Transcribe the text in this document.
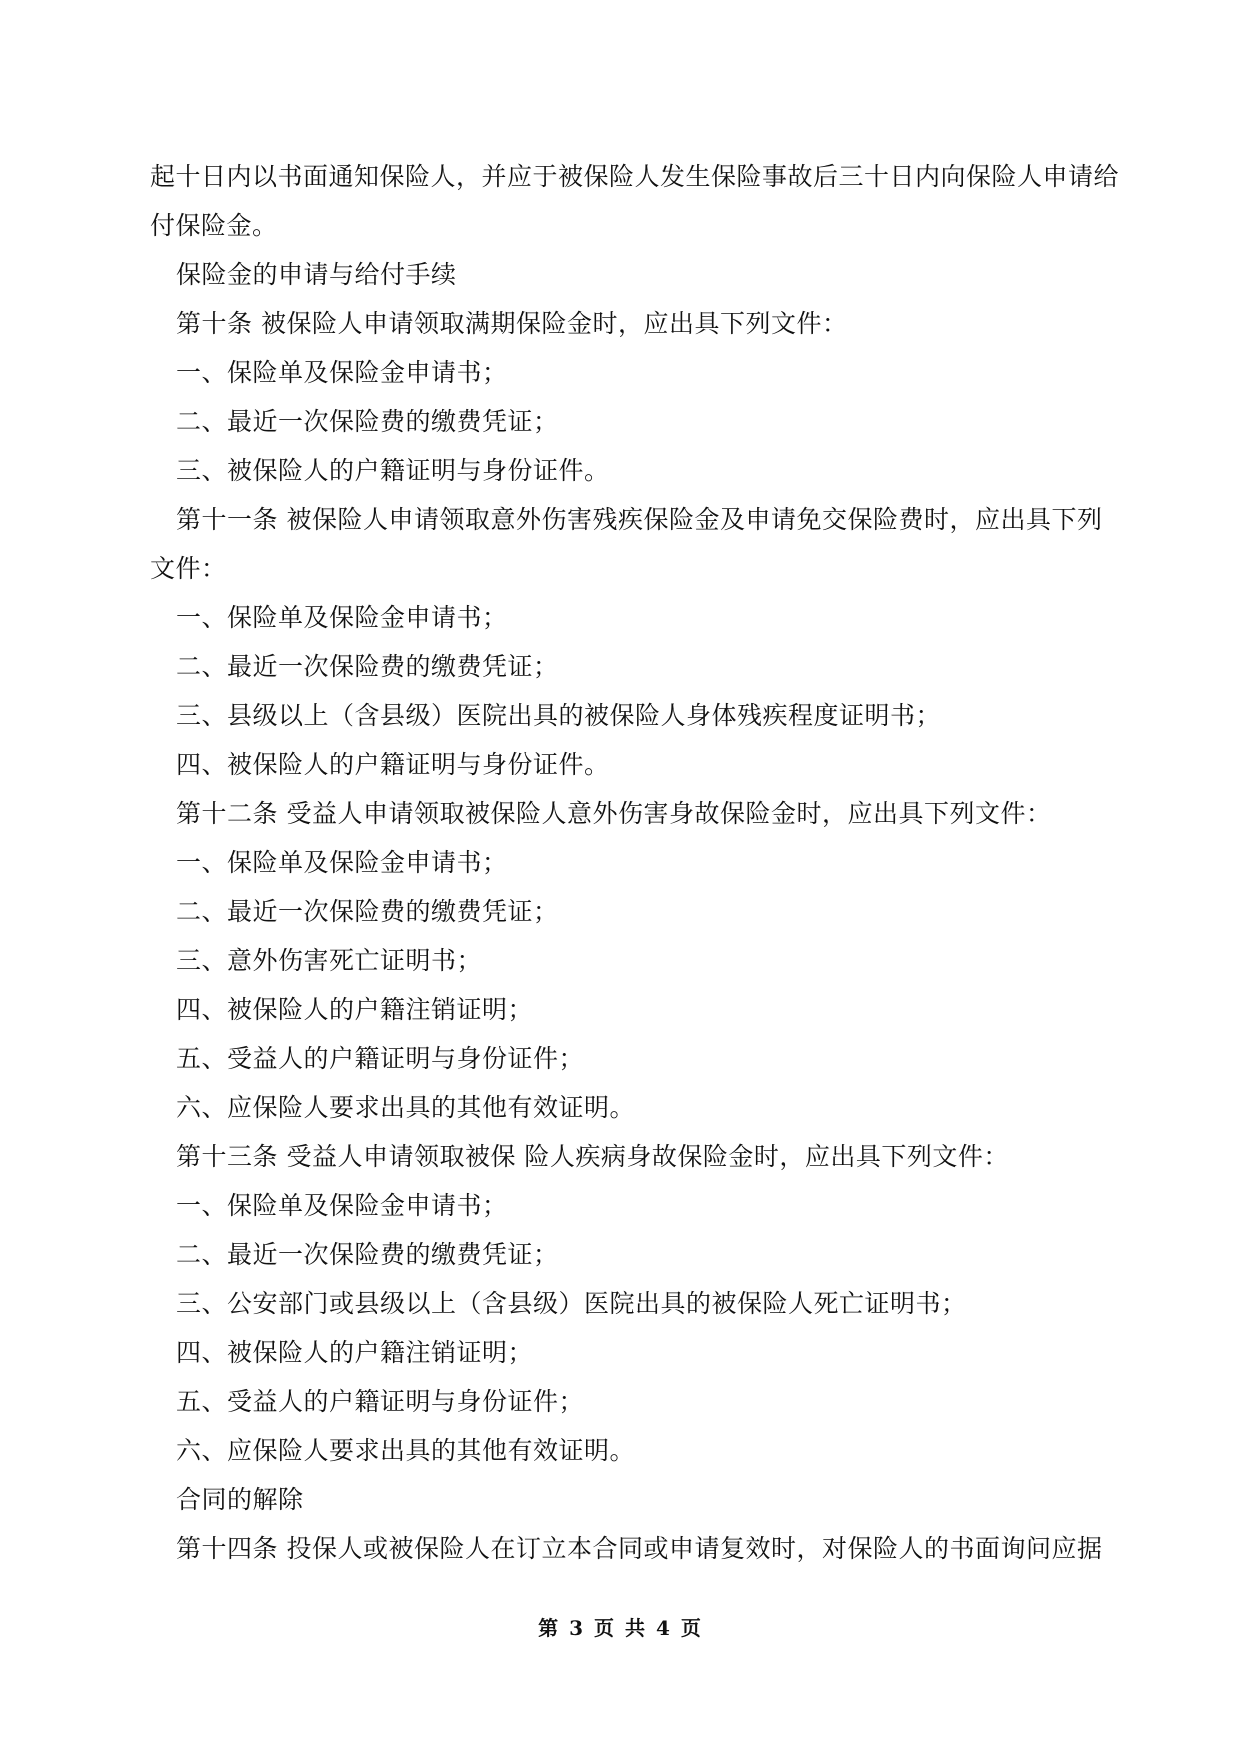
起十日内以书面通知保险人，并应于被保险人发生保险事故后三十日内向保险人申请给
付保险金。
保险金的申请与给付手续
第十条 被保险人申请领取满期保险金时，应出具下列文件：
一、保险单及保险金申请书；
二、最近一次保险费的缴费凭证；
三、被保险人的户籍证明与身份证件。
第十一条 被保险人申请领取意外伤害残疾保险金及申请免交保险费时，应出具下列
文件：
一、保险单及保险金申请书；
二、最近一次保险费的缴费凭证；
三、县级以上（含县级）医院出具的被保险人身体残疾程度证明书；
四、被保险人的户籍证明与身份证件。
第十二条 受益人申请领取被保险人意外伤害身故保险金时，应出具下列文件：
一、保险单及保险金申请书；
二、最近一次保险费的缴费凭证；
三、意外伤害死亡证明书；
四、被保险人的户籍注销证明；
五、受益人的户籍证明与身份证件；
六、应保险人要求出具的其他有效证明。
第十三条 受益人申请领取被保 险人疾病身故保险金时，应出具下列文件：
一、保险单及保险金申请书；
二、最近一次保险费的缴费凭证；
三、公安部门或县级以上（含县级）医院出具的被保险人死亡证明书；
四、被保险人的户籍注销证明；
五、受益人的户籍证明与身份证件；
六、应保险人要求出具的其他有效证明。
合同的解除
第十四条 投保人或被保险人在订立本合同或申请复效时，对保险人的书面询问应据
第 3 页 共 4 页
